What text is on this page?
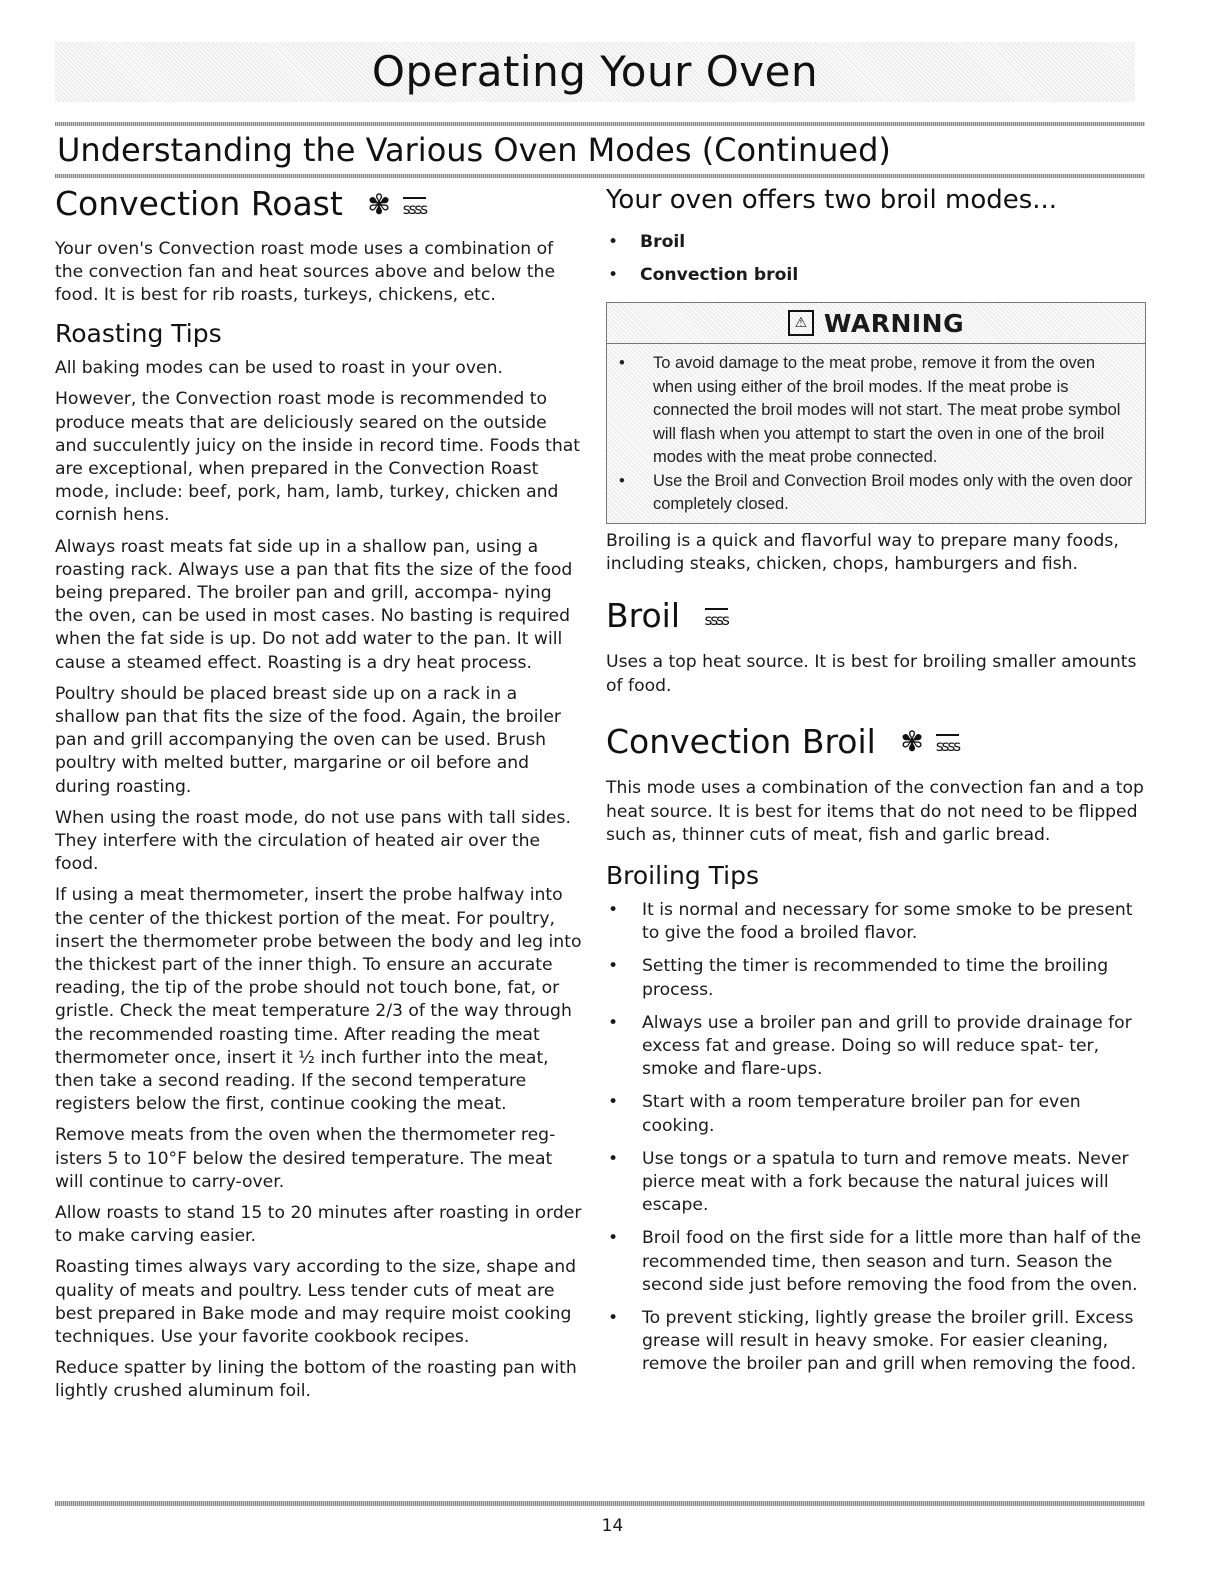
Operating Your Oven
Understanding the Various Oven Modes (Continued)
Convection Roast ✾ ssss

Your oven's Convection roast mode uses a combination of the convection fan and heat sources above and below the food. It is best for rib roasts, turkeys, chickens, etc.

Roasting Tips

All baking modes can be used to roast in your oven.

However, the Convection roast mode is recommended to produce meats that are deliciously seared on the outside and succulently juicy on the inside in record time. Foods that are exceptional, when prepared in the Convection Roast mode, include: beef, pork, ham, lamb, turkey, chicken and cornish hens.

Always roast meats fat side up in a shallow pan, using a roasting rack. Always use a pan that fits the size of the food being prepared. The broiler pan and grill, accompa- nying the oven, can be used in most cases. No basting is required when the fat side is up. Do not add water to the pan. It will cause a steamed effect. Roasting is a dry heat process.

Poultry should be placed breast side up on a rack in a shallow pan that fits the size of the food. Again, the broiler pan and grill accompanying the oven can be used. Brush poultry with melted butter, margarine or oil before and during roasting.

When using the roast mode, do not use pans with tall sides. They interfere with the circulation of heated air over the food.

If using a meat thermometer, insert the probe halfway into the center of the thickest portion of the meat. For poultry, insert the thermometer probe between the body and leg into the thickest part of the inner thigh. To ensure an accurate reading, the tip of the probe should not touch bone, fat, or gristle. Check the meat temperature 2/3 of the way through the recommended roasting time. After reading the meat thermometer once, insert it ½ inch further into the meat, then take a second reading. If the second temperature registers below the first, continue cooking the meat.

Remove meats from the oven when the thermometer reg- isters 5 to 10°F below the desired temperature. The meat will continue to carry-over.

Allow roasts to stand 15 to 20 minutes after roasting in order to make carving easier.

Roasting times always vary according to the size, shape and quality of meats and poultry. Less tender cuts of meat are best prepared in Bake mode and may require moist cooking techniques. Use your favorite cookbook recipes.

Reduce spatter by lining the bottom of the roasting pan with lightly crushed aluminum foil.

Your oven offers two broil modes...
• Broil
• Convection broil
⚠ WARNING
• To avoid damage to the meat probe, remove it from the oven when using either of the broil modes. If the meat probe is connected the broil modes will not start. The meat probe symbol will flash when you attempt to start the oven in one of the broil modes with the meat probe connected.
• Use the Broil and Convection Broil modes only with the oven door completely closed.

Broiling is a quick and flavorful way to prepare many foods, including steaks, chicken, chops, hamburgers and fish.

Broil ssss

Uses a top heat source. It is best for broiling smaller amounts of food.

Convection Broil ✾ ssss

This mode uses a combination of the convection fan and a top heat source. It is best for items that do not need to be flipped such as, thinner cuts of meat, fish and garlic bread.

Broiling Tips
• It is normal and necessary for some smoke to be present to give the food a broiled flavor.
• Setting the timer is recommended to time the broiling process.
• Always use a broiler pan and grill to provide drainage for excess fat and grease. Doing so will reduce spat- ter, smoke and flare-ups.
• Start with a room temperature broiler pan for even cooking.
• Use tongs or a spatula to turn and remove meats. Never pierce meat with a fork because the natural juices will escape.
• Broil food on the first side for a little more than half of the recommended time, then season and turn. Season the second side just before removing the food from the oven.
• To prevent sticking, lightly grease the broiler grill. Excess grease will result in heavy smoke. For easier cleaning, remove the broiler pan and grill when removing the food.
14
